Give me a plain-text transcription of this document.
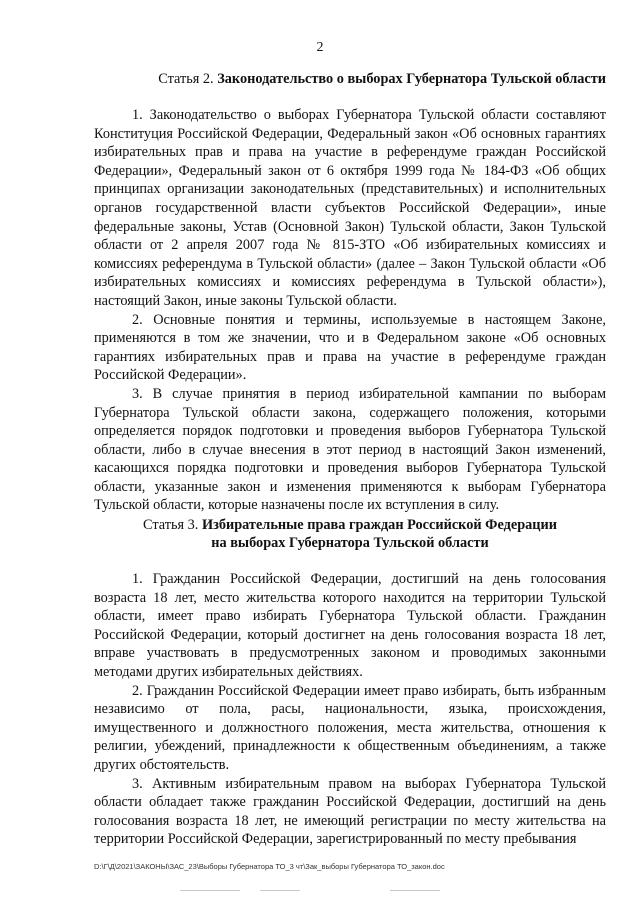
2
Статья 2. Законодательство о выборах Губернатора Тульской области

1. Законодательство о выборах Губернатора Тульской области составляют Конституция Российской Федерации, Федеральный закон «Об основных гарантиях избирательных прав и права на участие в референдуме граждан Российской Федерации», Федеральный закон от 6 октября 1999 года № 184-ФЗ «Об общих принципах организации законодательных (представительных) и исполнительных органов государственной власти субъектов Российской Федерации», иные федеральные законы, Устав (Основной Закон) Тульской области, Закон Тульской области от 2 апреля 2007 года № 815-ЗТО «Об избирательных комиссиях и комиссиях референдума в Тульской области» (далее – Закон Тульской области «Об избирательных комиссиях и комиссиях референдума в Тульской области»), настоящий Закон, иные законы Тульской области.

2. Основные понятия и термины, используемые в настоящем Законе, применяются в том же значении, что и в Федеральном законе «Об основных гарантиях избирательных прав и права на участие в референдуме граждан Российской Федерации».

3. В случае принятия в период избирательной кампании по выборам Губернатора Тульской области закона, содержащего положения, которыми определяется порядок подготовки и проведения выборов Губернатора Тульской области, либо в случае внесения в этот период в настоящий Закон изменений, касающихся порядка подготовки и проведения выборов Губернатора Тульской области, указанные закон и изменения применяются к выборам Губернатора Тульской области, которые назначены после их вступления в силу.

Статья 3. Избирательные права граждан Российской Федерации
на выборах Губернатора Тульской области

1. Гражданин Российской Федерации, достигший на день голосования возраста 18 лет, место жительства которого находится на территории Тульской области, имеет право избирать Губернатора Тульской области. Гражданин Российской Федерации, который достигнет на день голосования возраста 18 лет, вправе участвовать в предусмотренных законом и проводимых законными методами других избирательных действиях.

2. Гражданин Российской Федерации имеет право избирать, быть избранным независимо от пола, расы, национальности, языка, происхождения, имущественного и должностного положения, места жительства, отношения к религии, убеждений, принадлежности к общественным объединениям, а также других обстоятельств.

3. Активным избирательным правом на выборах Губернатора Тульской области обладает также гражданин Российской Федерации, достигший на день голосования возраста 18 лет, не имеющий регистрации по месту жительства на территории Российской Федерации, зарегистрированный по месту пребывания

D:\Г\Д\2021\ЗАКОНЫ\ЗАС_23\Выборы Губернатора ТО_3 чт\Зак_выборы Губернатора ТО_закон.doc
